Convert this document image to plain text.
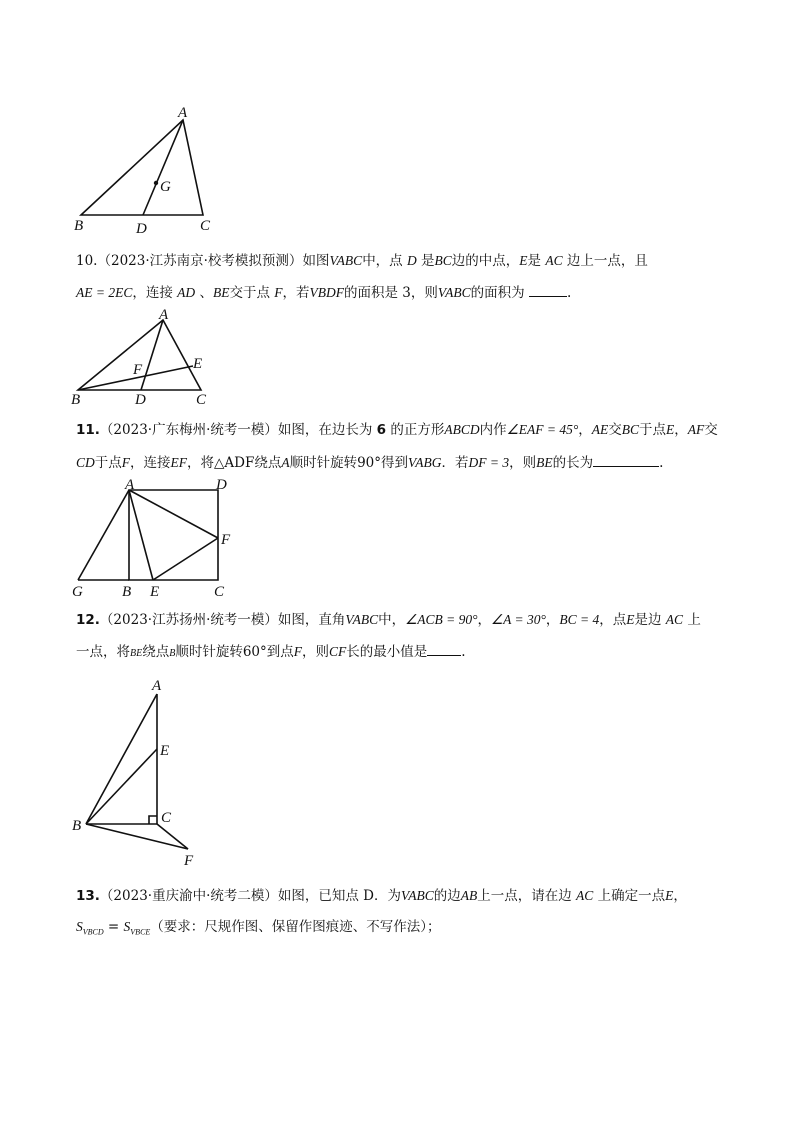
A
B	C
D
G
10.（2023·江苏南京·校考模拟预测）如图VABC中，点 D 是BC边的中点，E是 AC 边上一点，且
AE = 2EC，连接 AD 、BE交于点 F，若VBDF的面积是 3，则VABC的面积为	.
A
B	C
D
E
F
11.（2023·广东梅州·统考一模）如图，在边长为 6 的正方形ABCD内作∠EAF = 45°，AE交BC于点E，AF交
CD于点F，连接EF，将△ADF绕点A顺时针旋转90°得到VABG．若DF = 3，则BE的长为	.
A	D
F
G	B E	C
12.（2023·江苏扬州·统考一模）如图，直角VABC中，∠ACB = 90°，∠A = 30°，BC = 4，点E是边 AC 上
一点，将BE绕点B顺时针旋转60°到点F，则CF长的最小值是	.
A
E
C
B
F
13.（2023·重庆渝中·统考二模）如图，已知点 D．为VABC的边AB上一点，请在边 AC 上确定一点E，
$S_{VBCD} = S_{VBCE}$（要求：尺规作图、保留作图痕迹、不写作法）；
